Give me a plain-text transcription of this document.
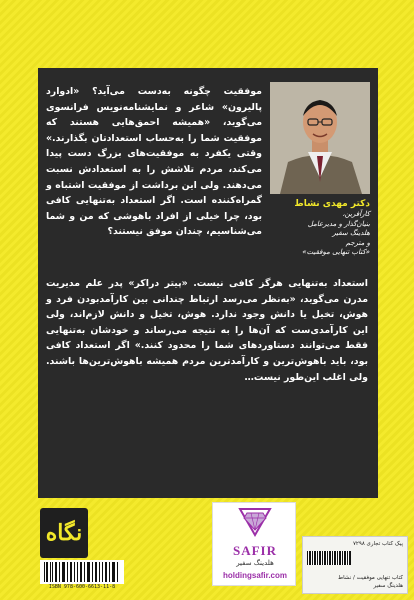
دکتر مهدی نشاط
کارآفرین،
بنیان‌گذار و مدیرعامل
هلدینگ سفیر
و مترجم
«کتاب تنهایی موفقیت»

موفقیت چگونه به‌دست می‌آید؟ «ادوارد پالیرون» شاعر و نمایشنامه‌نویس فرانسوی می‌گوید، «همیشه احمق‌هایی هستند که موفقیت شما را به‌حساب استعدادتان بگذارند.» وقتی یکفرد به موفقیت‌های بزرگ دست پیدا می‌کند، مردم تلاشش را به استعدادش نسبت می‌دهند. ولی این برداشت از موفقیت اشتباه و گمراه‌کننده است. اگر استعداد به‌تنهایی کافی بود، چرا خیلی از افراد باهوشی که من و شما می‌شناسیم، چندان موفق نیستند؟

استعداد به‌تنهایی هرگز کافی نیست. «پیتر دراکر» پدر علم مدیریت مدرن می‌گوید، «به‌نظر می‌رسد ارتباط چندانی بین کارآمدبودن فرد و هوش، تخیل یا دانش وجود ندارد. هوش، تخیل و دانش لازم‌اند، ولی این کارآمدی‌ست که آن‌ها را به نتیجه می‌رساند و خودشان به‌تنهایی فقط می‌توانند دستاوردهای شما را محدود کنند.» اگر استعداد کافی بود، باید باهوش‌ترین و کارآمدترین مردم همیشه باهوش‌ترین‌ها باشند. ولی اغلب این‌طور نیست…

نگاه
ISBN 978-600-6613-11-8
SAFIR
هلدینگ سفیر
holdingsafir.com
پیک کتاب تجاری ۷۲۹۸
کتاب تنهایی موفقیت / نشاط
هلدینگ سفیر
